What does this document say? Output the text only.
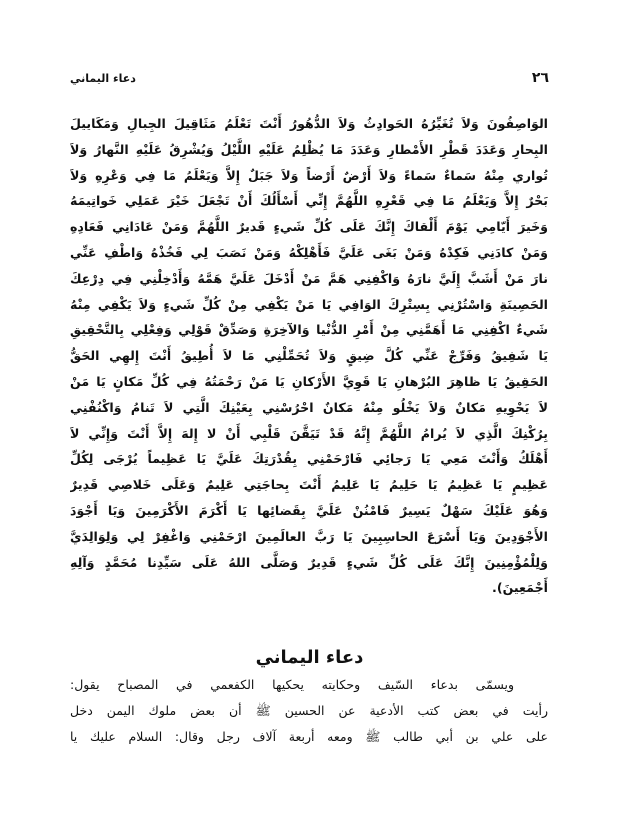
٢٦
دعاء اليماني
الوَاصِفُونَ وَلاَ تُغَيِّرُهُ الحَوادِثُ وَلاَ الدُّهُورُ أَنْتَ تَعْلَمُ مَثَاقِيلَ الجِبالِ وَمَكَاييلَ
البِحارِ وَعَدَدَ قَطْرِ الأَمْطارِ وَعَدَدَ مَا يُظْلِمُ عَلَيْهِ اللَّيْلُ وَيُشْرِقُ عَلَيْهِ النَّهارُ وَلاَ
تُواري مِنْهُ سَماءٌ سَماءً وَلاَ أَرْضٌ أَرْضاً وَلاَ جَبَلٌ إِلاَّ وَيَعْلَمُ مَا فِي وَعْرِهِ وَلاَ
بَحْرٌ إِلاَّ وَيَعْلَمُ مَا فِي قَعْرِهِ اللَّهُمَّ إِنِّي أَسْأَلُكَ أَنْ تَجْعَلَ خَيْرَ عَمَلِي خَواتِيمَهُ
وَخَيرَ أَيّامِي يَوْمَ أَلْقاكَ إِنَّكَ عَلَى كُلِّ شَيءٍ قَديرٌ اللَّهُمَّ وَمَنْ عَادَانِي فَعَادِهِ
وَمَنْ كادَنِي فَكِدْهُ وَمَنْ بَغَى عَلَيَّ فَأَهْلِكْهُ وَمَنْ نَصَبَ لِي فَخُذْهُ وَاطْفِ عَنِّي
نارَ مَنْ أَشَبَّ إِلَيَّ نارَهُ وَاكْفِنِي هَمَّ مَنْ أَدْخَلَ عَلَيَّ هَمَّهُ وَأَدْخِلْنِي فِي دِرْعِكَ
الحَصِينَةِ وَاسْتُرْنِي بِسِتْرِكَ الوَافِي يَا مَنْ يَكْفِي مِنْ كُلِّ شَيءٍ وَلاَ يَكْفِي مِنْهُ
شَيءٌ اكْفِنِي مَا أَهَمَّنِي مِنْ أَمْرِ الدُّنْيا وَالآخِرَةِ وَصَدِّقْ قَوْلِي وَفِعْلِي بِالتَّحْقِيقِ
يَا شَفِيقُ وَفَرِّجْ عَنِّي كُلَّ ضِيقٍ وَلاَ تُحَمِّلْنِي مَا لاَ أُطِيقُ أَنْتَ إِلهِي الحَقُّ
الحَقِيقُ يَا ظاهِرَ البُرْهانِ يَا قَوِيَّ الأَرْكانِ يَا مَنْ رَحْمَتُهُ فِي كُلِّ مَكانٍ يَا مَنْ
لاَ يَحْوِيهِ مَكانٌ وَلاَ يَخْلُو مِنْهُ مَكانٌ احْرُسْنِي بِعَيْنِكَ الَّتِي لاَ تَنامُ وَاكْنُفْنِي
بِرُكْنِكَ الَّذِي لاَ يُرامُ اللَّهُمَّ إِنَّهُ قَدْ تَيَقَّنَ قَلْبِي أَنْ لا إِلهَ إِلاَّ أَنْتَ وَإِنِّي لاَ
أَهْلَكُ وَأَنْتَ مَعِي يَا رَجائِي فَارْحَمْنِي بِقُدْرَتِكَ عَلَيَّ يَا عَظِيماً يُرْجَى لِكُلِّ
عَظِيمٍ يَا عَظِيمُ يَا حَلِيمُ يَا عَلِيمُ أَنْتَ بِحاجَتِي عَلِيمٌ وَعَلَى خَلاصِي قَدِيرٌ
وَهُوَ عَلَيْكَ سَهْلٌ يَسِيرٌ فَامْنُنْ عَلَيَّ بِقَضائِها يَا أَكْرَمَ الأَكْرَمِينَ وَيَا أَجْوَدَ
الأَجْوَدِينَ وَيَا أَسْرَعَ الحاسِبِينَ يَا رَبَّ العالَمِينَ ارْحَمْنِي وَاغْفِرْ لِي وَلِوَالِدَيَّ
وَلِلْمُؤْمِنِينَ إِنَّكَ عَلَى كُلِّ شَيءٍ قَدِيرٌ وَصَلَّى اللهُ عَلَى سَيِّدِنا مُحَمَّدٍ وَآلِهِ
أَجْمَعِينَ).
دعاء اليماني
ويسمّى بدعاء السّيف وحكايته يحكيها الكفعمي في المصباح يقول:
رأيت في بعض كتب الأدعية عن الحسين ﷺ أن بعض ملوك اليمن دخل
على علي بن أبي طالب ﷺ ومعه أربعة آلاف رجل وقال: السلام عليك يا
